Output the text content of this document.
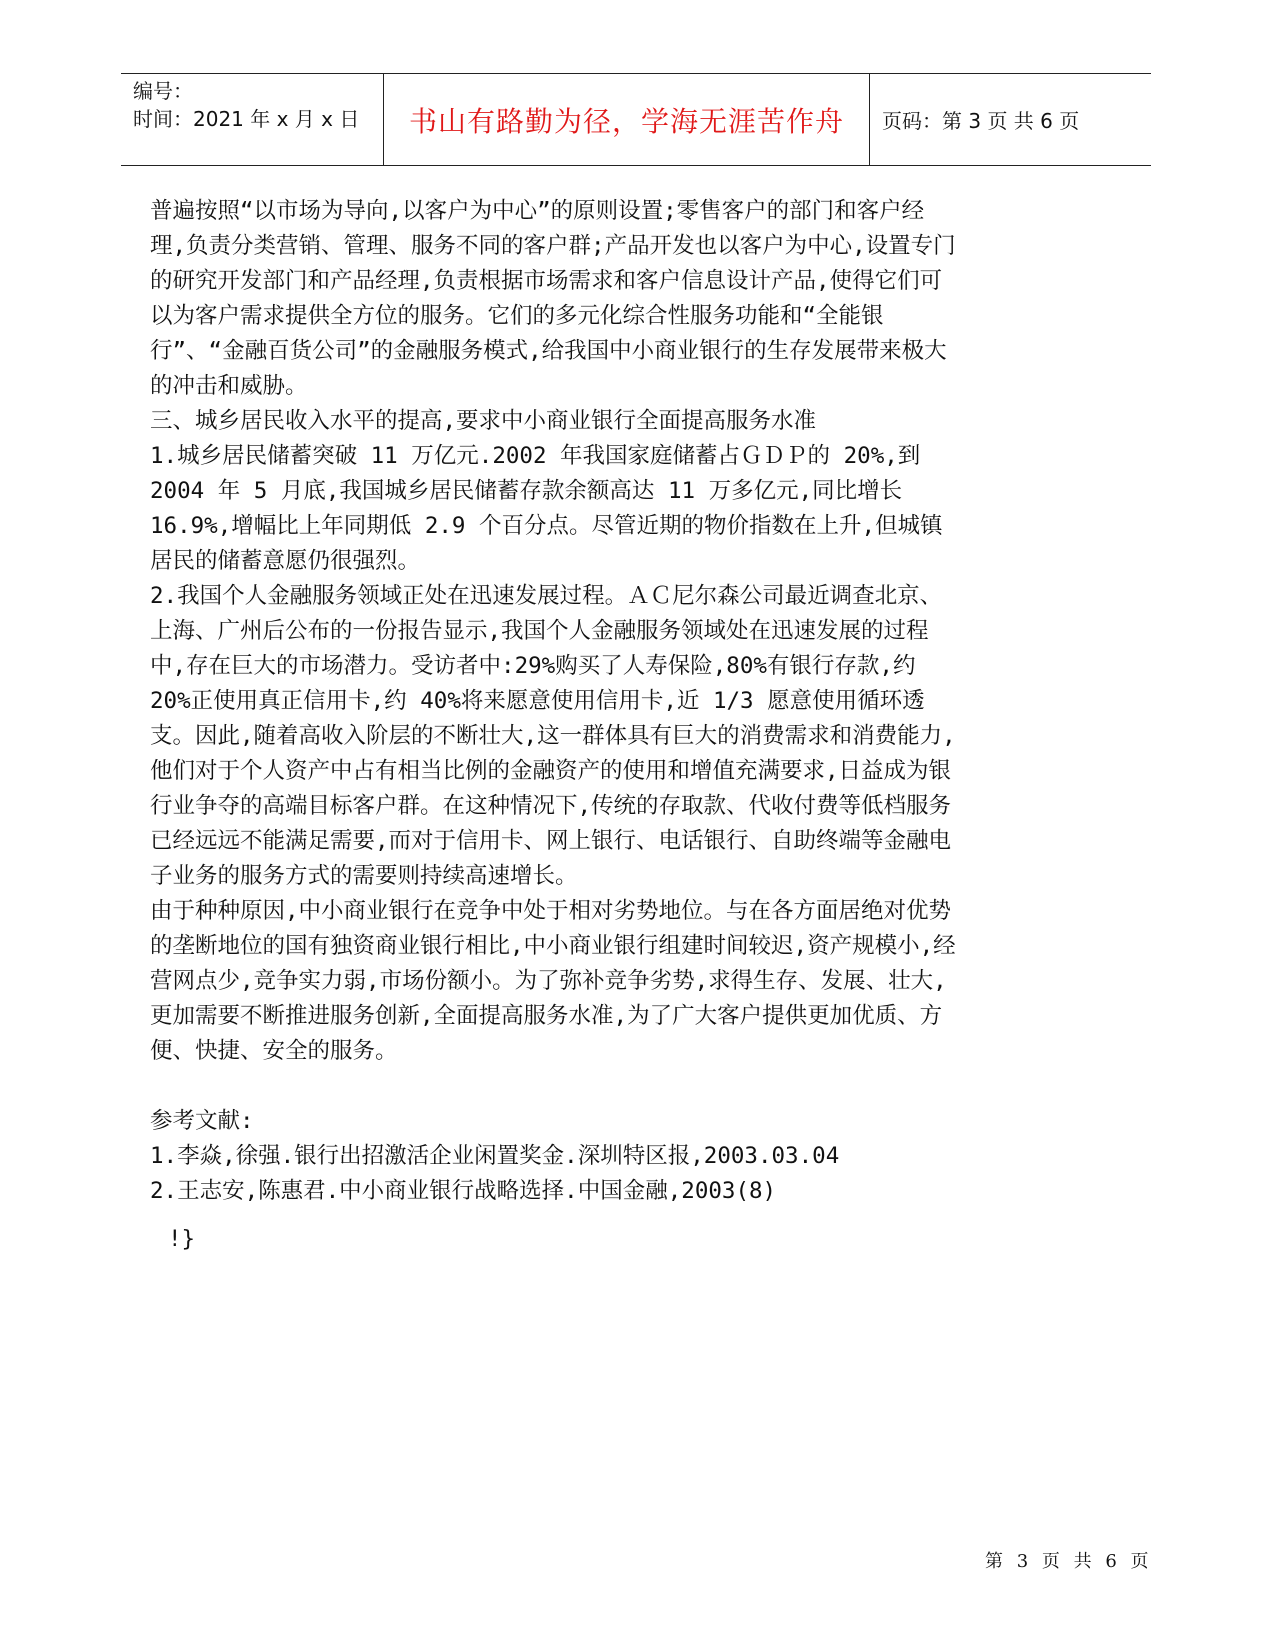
编号：
时间：2021 年 x 月 x 日	书山有路勤为径，学海无涯苦作舟 页码：第 3 页 共 6 页

普遍按照“以市场为导向,以客户为中心”的原则设置;零售客户的部门和客户经理,负责分类营销、管理、服务不同的客户群;产品开发也以客户为中心,设置专门的研究开发部门和产品经理,负责根据市场需求和客户信息设计产品,使得它们可以为客户需求提供全方位的服务。它们的多元化综合性服务功能和“全能银行”、“金融百货公司”的金融服务模式,给我国中小商业银行的生存发展带来极大的冲击和威胁。

三、城乡居民收入水平的提高,要求中小商业银行全面提高服务水准

1.城乡居民储蓄突破 11 万亿元.2002 年我国家庭储蓄占ＧＤＰ的 20%,到 2004 年 5 月底,我国城乡居民储蓄存款余额高达 11 万多亿元,同比增长 16.9%,增幅比上年同期低 2.9 个百分点。尽管近期的物价指数在上升,但城镇居民的储蓄意愿仍很强烈。

2.我国个人金融服务领域正处在迅速发展过程。ＡＣ尼尔森公司最近调查北京、上海、广州后公布的一份报告显示,我国个人金融服务领域处在迅速发展的过程中,存在巨大的市场潜力。受访者中:29%购买了人寿保险,80%有银行存款,约 20%正使用真正信用卡,约 40%将来愿意使用信用卡,近 1/3 愿意使用循环透支。因此,随着高收入阶层的不断壮大,这一群体具有巨大的消费需求和消费能力,他们对于个人资产中占有相当比例的金融资产的使用和增值充满要求,日益成为银行业争夺的高端目标客户群。在这种情况下,传统的存取款、代收付费等低档服务已经远远不能满足需要,而对于信用卡、网上银行、电话银行、自助终端等金融电子业务的服务方式的需要则持续高速增长。

由于种种原因,中小商业银行在竞争中处于相对劣势地位。与在各方面居绝对优势的垄断地位的国有独资商业银行相比,中小商业银行组建时间较迟,资产规模小,经营网点少,竞争实力弱,市场份额小。为了弥补竞争劣势,求得生存、发展、壮大,更加需要不断推进服务创新,全面提高服务水准,为了广大客户提供更加优质、方便、快捷、安全的服务。

参考文献:

1.李焱,徐强.银行出招激活企业闲置奖金.深圳特区报,2003.03.04

2.王志安,陈惠君.中小商业银行战略选择.中国金融,2003(8)

!}

第 3 页 共 6 页
